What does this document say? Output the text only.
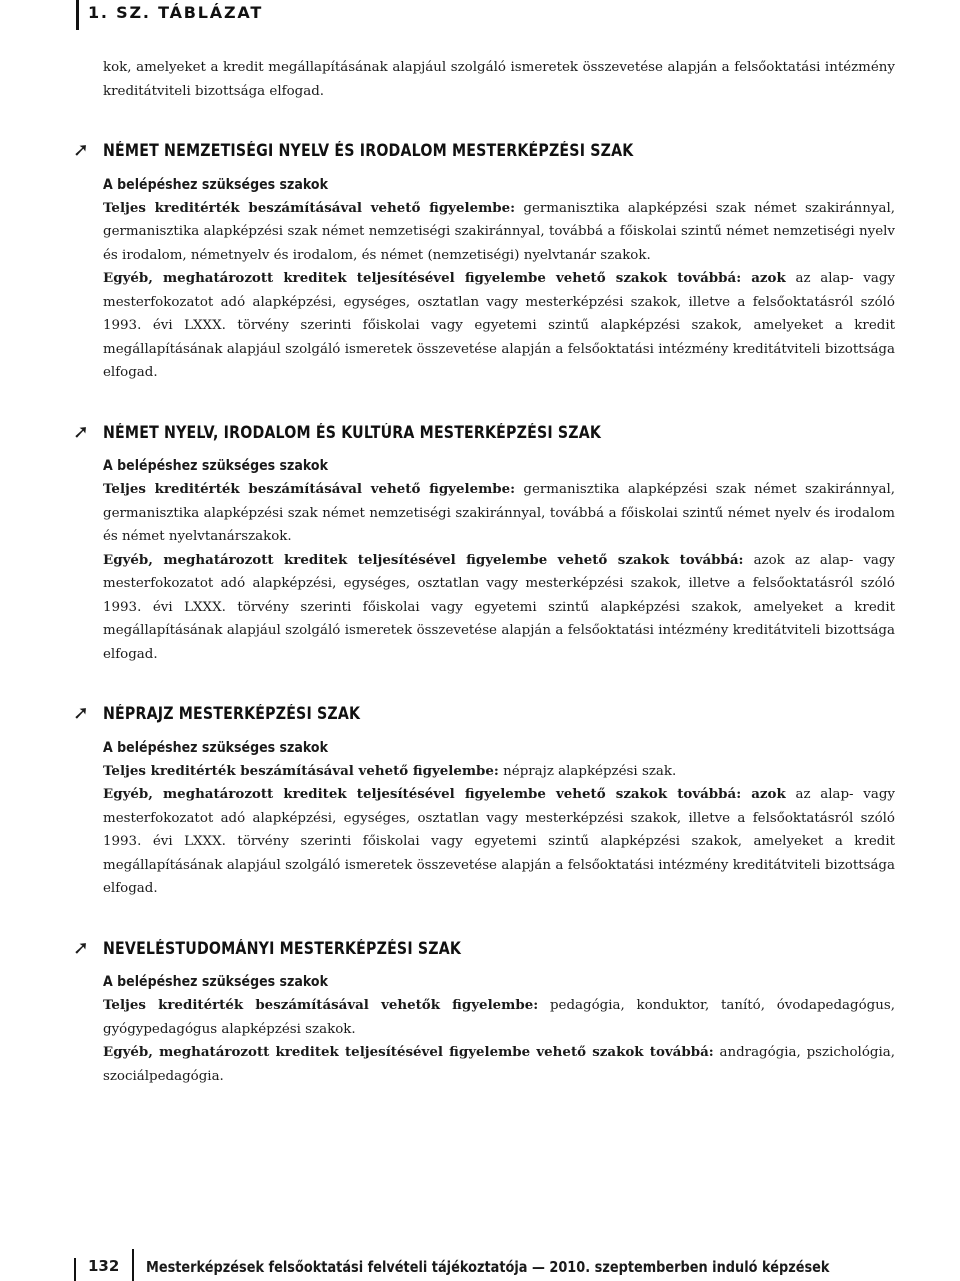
1. SZ. TÁBLÁZAT

kok, amelyeket a kredit megállapításának alapjául szolgáló ismeretek összevetése alapján a felsőoktatási intézmény kreditátviteli bizottsága elfogad.

➚ NÉMET NEMZETISÉGI NYELV ÉS IRODALOM MESTERKÉPZÉSI SZAK
A belépéshez szükséges szakok

Teljes kreditérték beszámításával vehető figyelembe: germanisztika alapképzési szak német szakiránnyal, germanisztika alapképzési szak német nemzetiségi szakiránnyal, továbbá a főiskolai szintű német nemzetiségi nyelv és irodalom, németnyelv és irodalom, és német (nemzetiségi) nyelvtanár szakok.

Egyéb, meghatározott kreditek teljesítésével figyelembe vehető szakok továbbá: azok az alap- vagy mesterfokozatot adó alapképzési, egységes, osztatlan vagy mesterképzési szakok, illetve a felsőoktatásról szóló 1993. évi LXXX. törvény szerinti főiskolai vagy egyetemi szintű alapképzési szakok, amelyeket a kredit megállapításának alapjául szolgáló ismeretek összevetése alapján a felsőoktatási intézmény kreditátviteli bizottsága elfogad.

➚ NÉMET NYELV, IRODALOM ÉS KULTÚRA MESTERKÉPZÉSI SZAK
A belépéshez szükséges szakok

Teljes kreditérték beszámításával vehető figyelembe: germanisztika alapképzési szak német szakiránnyal, germanisztika alapképzési szak német nemzetiségi szakiránnyal, továbbá a főiskolai szintű német nyelv és irodalom és német nyelvtanárszakok.

Egyéb, meghatározott kreditek teljesítésével figyelembe vehető szakok továbbá: azok az alap- vagy mesterfokozatot adó alapképzési, egységes, osztatlan vagy mesterképzési szakok, illetve a felsőoktatásról szóló 1993. évi LXXX. törvény szerinti főiskolai vagy egyetemi szintű alapképzési szakok, amelyeket a kredit megállapításának alapjául szolgáló ismeretek összevetése alapján a felsőoktatási intézmény kreditátviteli bizottsága elfogad.

➚ NÉPRAJZ MESTERKÉPZÉSI SZAK
A belépéshez szükséges szakok

Teljes kreditérték beszámításával vehető figyelembe: néprajz alapképzési szak.

Egyéb, meghatározott kreditek teljesítésével figyelembe vehető szakok továbbá: azok az alap- vagy mesterfokozatot adó alapképzési, egységes, osztatlan vagy mesterképzési szakok, illetve a felsőoktatásról szóló 1993. évi LXXX. törvény szerinti főiskolai vagy egyetemi szintű alapképzési szakok, amelyeket a kredit megállapításának alapjául szolgáló ismeretek összevetése alapján a felsőoktatási intézmény kreditátviteli bizottsága elfogad.

➚ NEVELÉSTUDOMÁNYI MESTERKÉPZÉSI SZAK
A belépéshez szükséges szakok

Teljes kreditérték beszámításával vehetők figyelembe: pedagógia, konduktor, tanító, óvodapedagógus, gyógypedagógus alapképzési szakok.

Egyéb, meghatározott kreditek teljesítésével figyelembe vehető szakok továbbá: andragógia, pszichológia, szociálpedagógia.

132 Mesterképzések felsőoktatási felvételi tájékoztatója — 2010. szeptemberben induló képzések
